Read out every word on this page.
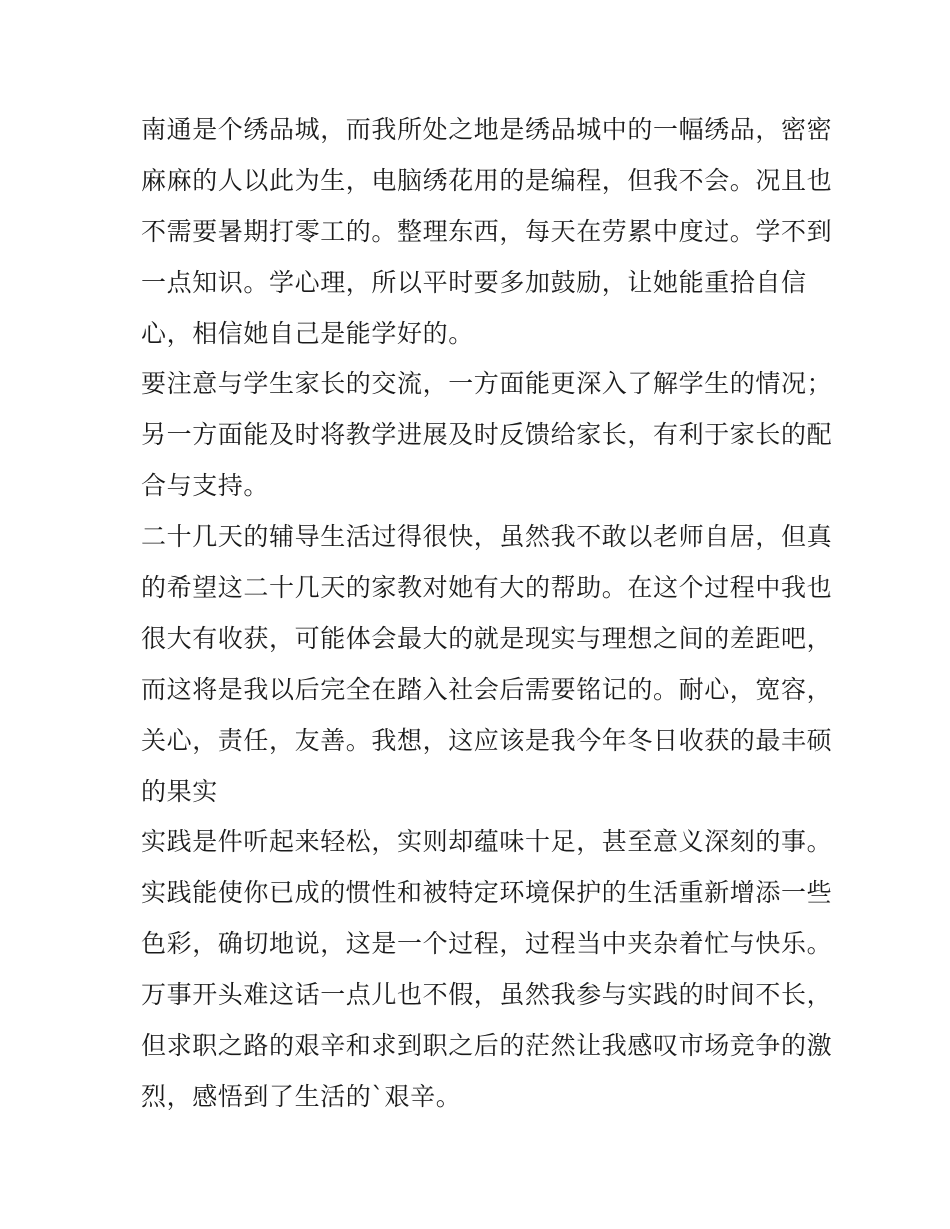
南通是个绣品城，而我所处之地是绣品城中的一幅绣品，密密
麻麻的人以此为生，电脑绣花用的是编程，但我不会。况且也
不需要暑期打零工的。整理东西，每天在劳累中度过。学不到
一点知识。学心理，所以平时要多加鼓励，让她能重拾自信
心，相信她自己是能学好的。
要注意与学生家长的交流，一方面能更深入了解学生的情况；
另一方面能及时将教学进展及时反馈给家长，有利于家长的配
合与支持。
二十几天的辅导生活过得很快，虽然我不敢以老师自居，但真
的希望这二十几天的家教对她有大的帮助。在这个过程中我也
很大有收获，可能体会最大的就是现实与理想之间的差距吧，
而这将是我以后完全在踏入社会后需要铭记的。耐心，宽容，
关心，责任，友善。我想，这应该是我今年冬日收获的最丰硕
的果实
实践是件听起来轻松，实则却蕴味十足，甚至意义深刻的事。
实践能使你已成的惯性和被特定环境保护的生活重新增添一些
色彩，确切地说，这是一个过程，过程当中夹杂着忙与快乐。
万事开头难这话一点儿也不假，虽然我参与实践的时间不长，
但求职之路的艰辛和求到职之后的茫然让我感叹市场竞争的激
烈，感悟到了生活的`艰辛。
